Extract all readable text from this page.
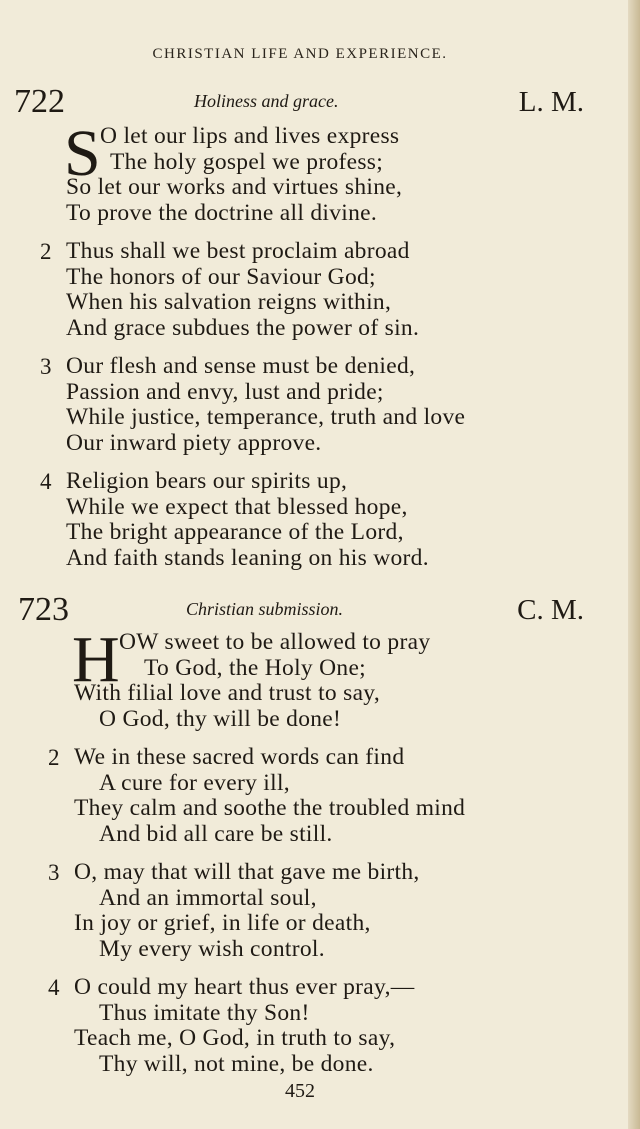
CHRISTIAN LIFE AND EXPERIENCE.
722	Holiness and grace.	L. M.
S O let our lips and lives express
The holy gospel we profess;
So let our works and virtues shine,
To prove the doctrine all divine.
2 Thus shall we best proclaim abroad
The honors of our Saviour God;
When his salvation reigns within,
And grace subdues the power of sin.
3 Our flesh and sense must be denied,
Passion and envy, lust and pride;
While justice, temperance, truth and love
Our inward piety approve.
4 Religion bears our spirits up,
While we expect that blessed hope,
The bright appearance of the Lord,
And faith stands leaning on his word.
723	Christian submission.	C. M.
H OW sweet to be allowed to pray
To God, the Holy One;
With filial love and trust to say,
O God, thy will be done!
2 We in these sacred words can find
A cure for every ill,
They calm and soothe the troubled mind
And bid all care be still.
3 O, may that will that gave me birth,
And an immortal soul,
In joy or grief, in life or death,
My every wish control.
4 O could my heart thus ever pray,—
Thus imitate thy Son!
Teach me, O God, in truth to say,
Thy will, not mine, be done.
452
